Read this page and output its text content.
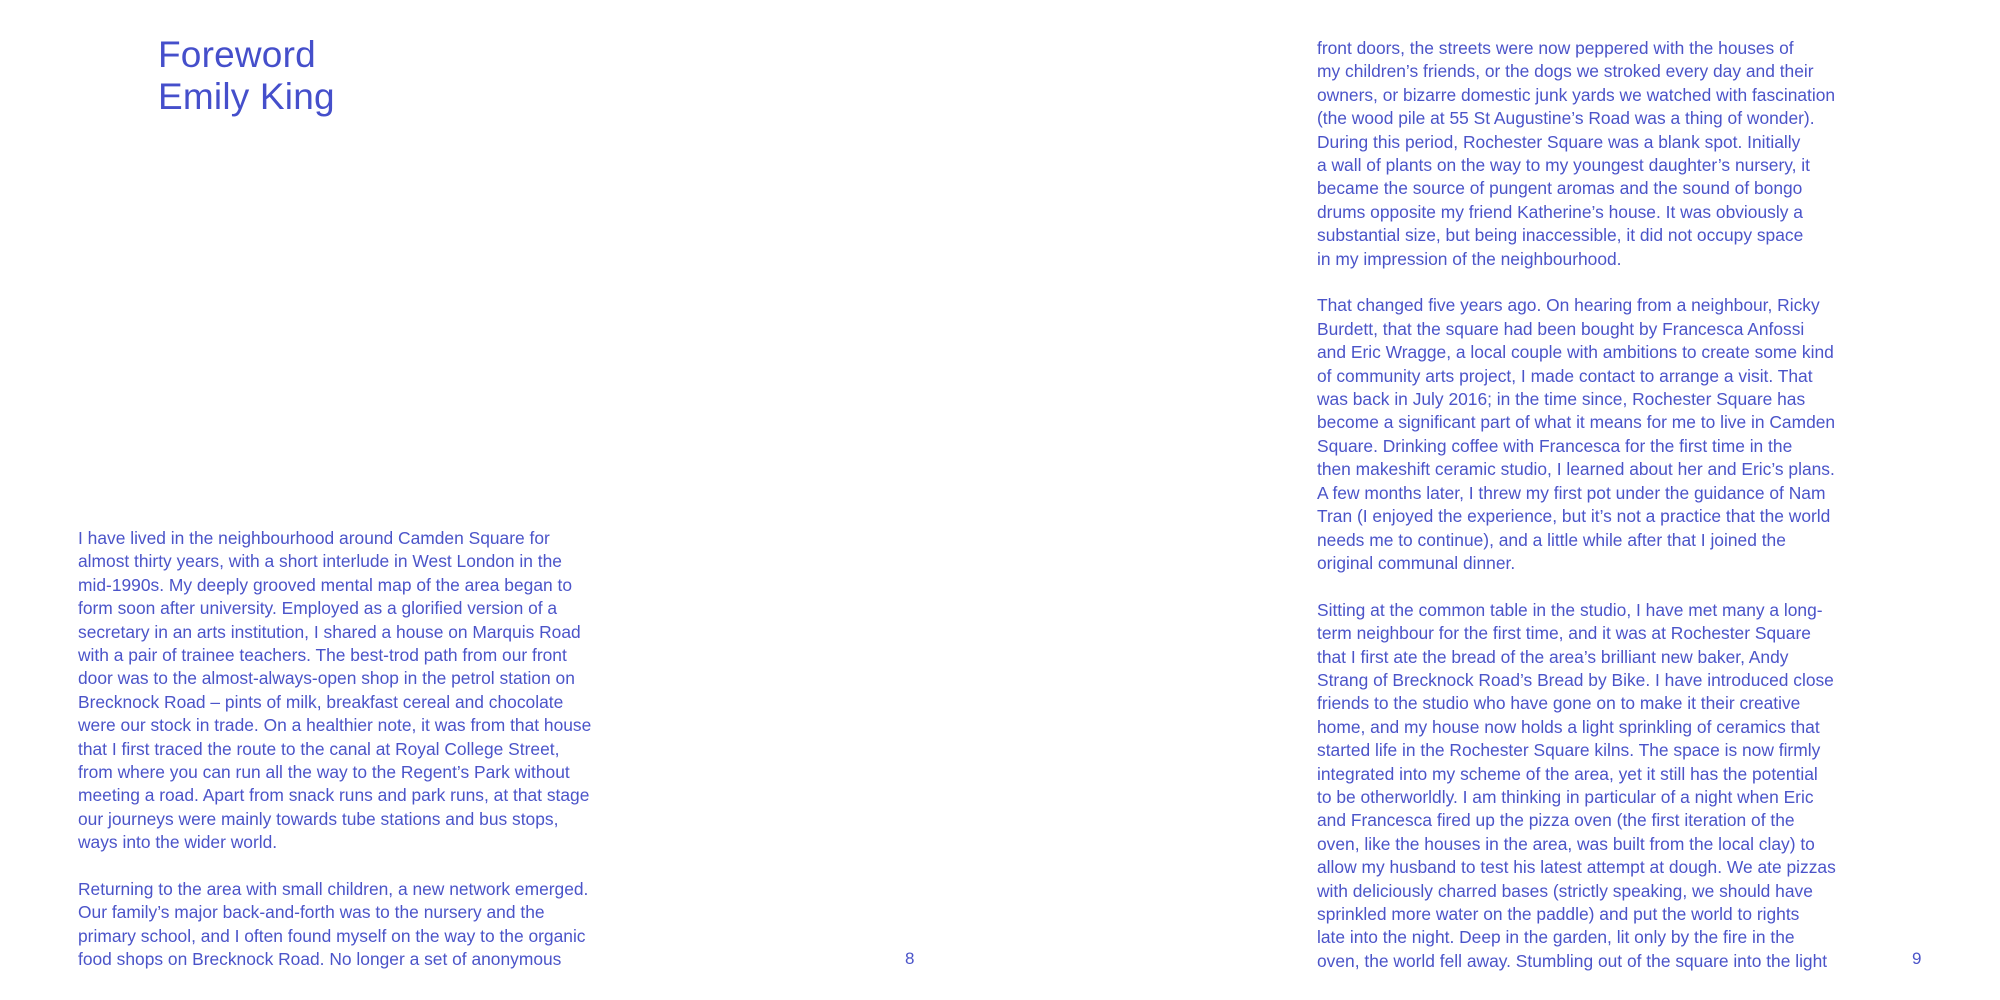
Foreword
Emily King

I have lived in the neighbourhood around Camden Square for
almost thirty years, with a short interlude in West London in the
mid-1990s. My deeply grooved mental map of the area began to
form soon after university. Employed as a glorified version of a
secretary in an arts institution, I shared a house on Marquis Road
with a pair of trainee teachers. The best-trod path from our front
door was to the almost-always-open shop in the petrol station on
Brecknock Road – pints of milk, breakfast cereal and chocolate
were our stock in trade. On a healthier note, it was from that house
that I first traced the route to the canal at Royal College Street,
from where you can run all the way to the Regent’s Park without
meeting a road. Apart from snack runs and park runs, at that stage
our journeys were mainly towards tube stations and bus stops,
ways into the wider world.

Returning to the area with small children, a new network emerged.
Our family’s major back-and-forth was to the nursery and the
primary school, and I often found myself on the way to the organic
food shops on Brecknock Road. No longer a set of anonymous	8

front doors, the streets were now peppered with the houses of
my children’s friends, or the dogs we stroked every day and their
owners, or bizarre domestic junk yards we watched with fascination
(the wood pile at 55 St Augustine’s Road was a thing of wonder).
During this period, Rochester Square was a blank spot. Initially
a wall of plants on the way to my youngest daughter’s nursery, it
became the source of pungent aromas and the sound of bongo
drums opposite my friend Katherine’s house. It was obviously a
substantial size, but being inaccessible, it did not occupy space
in my impression of the neighbourhood.

That changed five years ago. On hearing from a neighbour, Ricky
Burdett, that the square had been bought by Francesca Anfossi
and Eric Wragge, a local couple with ambitions to create some kind
of community arts project, I made contact to arrange a visit. That
was back in July 2016; in the time since, Rochester Square has
become a significant part of what it means for me to live in Camden
Square. Drinking coffee with Francesca for the first time in the
then makeshift ceramic studio, I learned about her and Eric’s plans.
A few months later, I threw my first pot under the guidance of Nam
Tran (I enjoyed the experience, but it’s not a practice that the world
needs me to continue), and a little while after that I joined the
original communal dinner.

Sitting at the common table in the studio, I have met many a long-
term neighbour for the first time, and it was at Rochester Square
that I first ate the bread of the area’s brilliant new baker, Andy
Strang of Brecknock Road’s Bread by Bike. I have introduced close
friends to the studio who have gone on to make it their creative
home, and my house now holds a light sprinkling of ceramics that
started life in the Rochester Square kilns. The space is now firmly
integrated into my scheme of the area, yet it still has the potential
to be otherworldly. I am thinking in particular of a night when Eric
and Francesca fired up the pizza oven (the first iteration of the
oven, like the houses in the area, was built from the local clay) to
allow my husband to test his latest attempt at dough. We ate pizzas
with deliciously charred bases (strictly speaking, we should have
sprinkled more water on the paddle) and put the world to rights
late into the night. Deep in the garden, lit only by the fire in the
oven, the world fell away. Stumbling out of the square into the light	9
